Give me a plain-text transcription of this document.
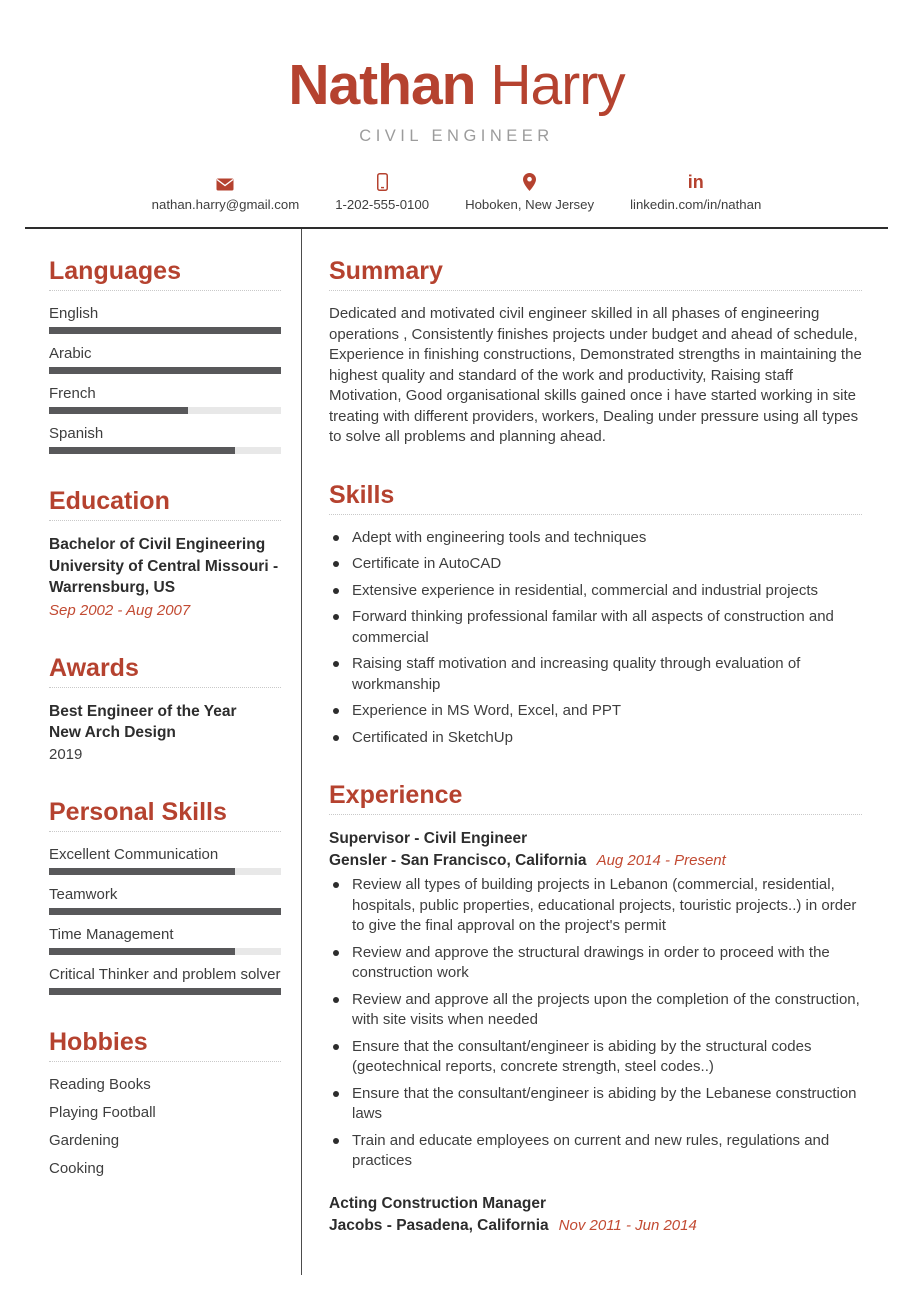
Nathan Harry
CIVIL ENGINEER
nathan.harry@gmail.com	1-202-555-0100	Hoboken, New Jersey
in
linkedin.com/in/nathan
Languages
English
Arabic
French
Spanish
Education
Bachelor of Civil Engineering
University of Central Missouri - Warrensburg, US
Sep 2002 - Aug 2007
Awards
Best Engineer of the Year
New Arch Design
2019
Personal Skills
Excellent Communication
Teamwork
Time Management
Critical Thinker and problem solver
Hobbies
Reading Books
Playing Football
Gardening
Cooking
Summary

Dedicated and motivated civil engineer skilled in all phases of engineering operations , Consistently finishes projects under budget and ahead of schedule, Experience in finishing constructions, Demonstrated strengths in maintaining the highest quality and standard of the work and productivity, Raising staff Motivation, Good organisational skills gained once i have started working in site treating with different providers, workers, Dealing under pressure using all types to solve all problems and planning ahead.

Skills
Adept with engineering tools and techniques
Certificate in AutoCAD
Extensive experience in residential, commercial and industrial projects
Forward thinking professional familar with all aspects of construction and commercial
Raising staff motivation and increasing quality through evaluation of workmanship
Experience in MS Word, Excel, and PPT
Certificated in SketchUp
Experience
Supervisor - Civil Engineer
Gensler - San Francisco, California Aug 2014 - Present
Review all types of building projects in Lebanon (commercial, residential, hospitals, public properties, educational projects, touristic projects..) in order to give the final approval on the project's permit
Review and approve the structural drawings in order to proceed with the construction work
Review and approve all the projects upon the completion of the construction, with site visits when needed
Ensure that the consultant/engineer is abiding by the structural codes (geotechnical reports, concrete strength, steel codes..)
Ensure that the consultant/engineer is abiding by the Lebanese construction laws
Train and educate employees on current and new rules, regulations and practices
Acting Construction Manager
Jacobs - Pasadena, California Nov 2011 - Jun 2014
